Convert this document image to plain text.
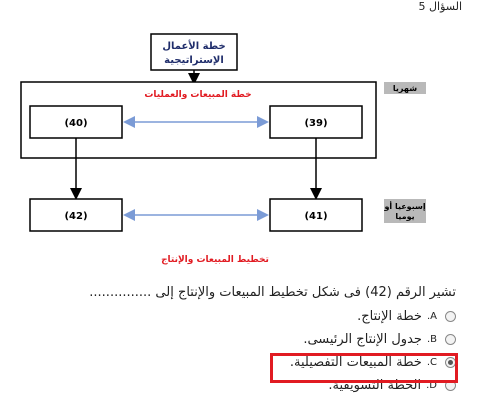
السؤال 5
خطة الأعمال
الإستراتيجية
خطة المبيعات والعمليات
شهريا
(40)	(39)
(42)	(41)
إسبوعيا أو
يوميا
تخطيط المبيعات والإنتاج
تشير الرقم (42) فى شكل تخطيط المبيعات والإنتاج إلى ...............
A.
خطة الإنتاج.
B.
جدول الإنتاج الرئيسى.
C.
خطة المبيعات التفصيلية.
D.
الخطة التسويقية.
